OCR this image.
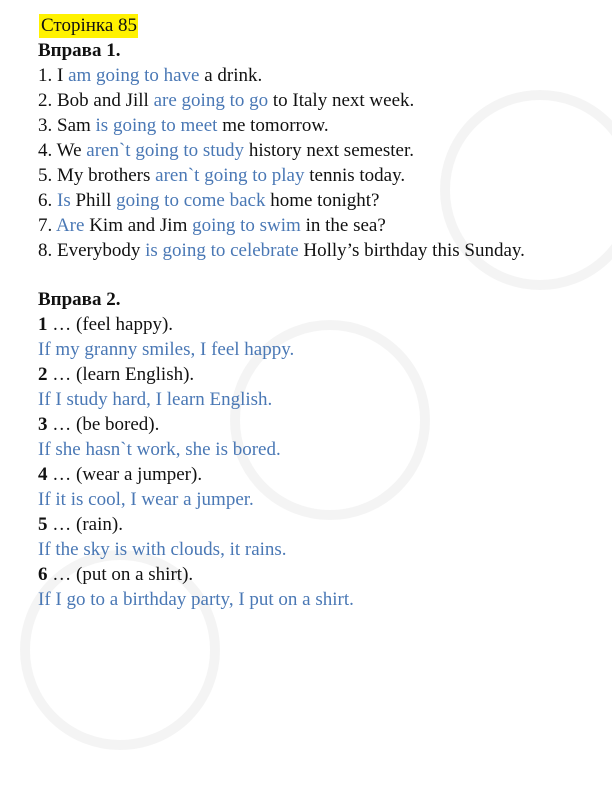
Сторінка 85

Вправа 1.

1. I am going to have a drink.

2. Bob and Jill are going to go to Italy next week.

3. Sam is going to meet me tomorrow.

4. We aren`t going to study history next semester.

5. My brothers aren`t going to play tennis today.

6. Is Phill going to come back home tonight?

7. Are Kim and Jim going to swim in the sea?

8. Everybody is going to celebrate Holly’s birthday this Sunday.

Вправа 2.

1 … (feel happy).

If my granny smiles, I feel happy.

2 … (learn English).

If I study hard, I learn English.

3 … (be bored).

If she hasn`t work, she is bored.

4 … (wear a jumper).

If it is cool, I wear a jumper.

5 … (rain).

If the sky is with clouds, it rains.

6 … (put on a shirt).

If I go to a birthday party, I put on a shirt.
